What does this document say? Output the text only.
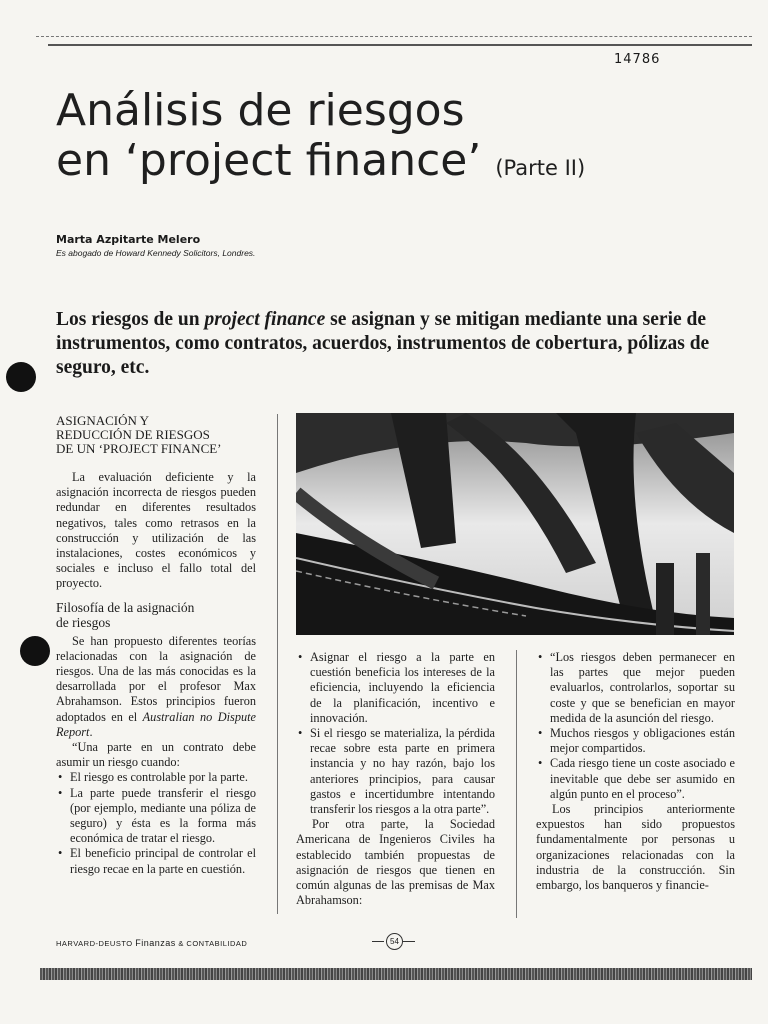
14786
Análisis de riesgos
en ‘project finance’ (Parte II)
Marta Azpitarte Melero
Es abogado de Howard Kennedy Solicitors, Londres.

Los riesgos de un project finance se asignan y se mitigan mediante una serie de instrumentos, como contratos, acuerdos, instrumentos de cobertura, pólizas de seguro, etc.

ASIGNACIÓN Y
REDUCCIÓN DE RIESGOS
DE UN ‘PROJECT FINANCE’

La evaluación deficiente y la asignación incorrecta de riesgos pueden redundar en diferentes resultados negativos, tales como retrasos en la construcción y utilización de las instalaciones, costes económicos y sociales e incluso el fallo total del proyecto.

Filosofía de la asignación
de riesgos

Se han propuesto diferentes teorías relacionadas con la asignación de riesgos. Una de las más conocidas es la desarrollada por el profesor Max Abrahamson. Estos principios fueron adoptados en el Australian no Dispute Report.

“Una parte en un contrato debe asumir un riesgo cuando:

• El riesgo es controlable por la parte.
• La parte puede transferir el riesgo (por ejemplo, mediante una póliza de seguro) y ésta es la forma más económica de tratar el riesgo.
• El beneficio principal de controlar el riesgo recae en la parte en cuestión.
• Asignar el riesgo a la parte en cuestión beneficia los intereses de la eficiencia, incluyendo la eficiencia de la planificación, incentivo e innovación.
• Si el riesgo se materializa, la pérdida recae sobre esta parte en primera instancia y no hay razón, bajo los anteriores principios, para causar gastos e incertidumbre intentando transferir los riesgos a la otra parte”.

Por otra parte, la Sociedad Americana de Ingenieros Civiles ha establecido también propuestas de asignación de riesgos que tienen en común algunas de las premisas de Max Abrahamson:

• “Los riesgos deben permanecer en las partes que mejor pueden evaluarlos, controlarlos, soportar su coste y que se benefician en mayor medida de la asunción del riesgo.
• Muchos riesgos y obligaciones están mejor compartidos.
• Cada riesgo tiene un coste asociado e inevitable que debe ser asumido en algún punto en el proceso”.

Los principios anteriormente expuestos han sido propuestos fundamentalmente por personas u organizaciones relacionadas con la industria de la construcción. Sin embargo, los banqueros y financie-

HARVARD-DEUSTO Finanzas & CONTABILIDAD	54
